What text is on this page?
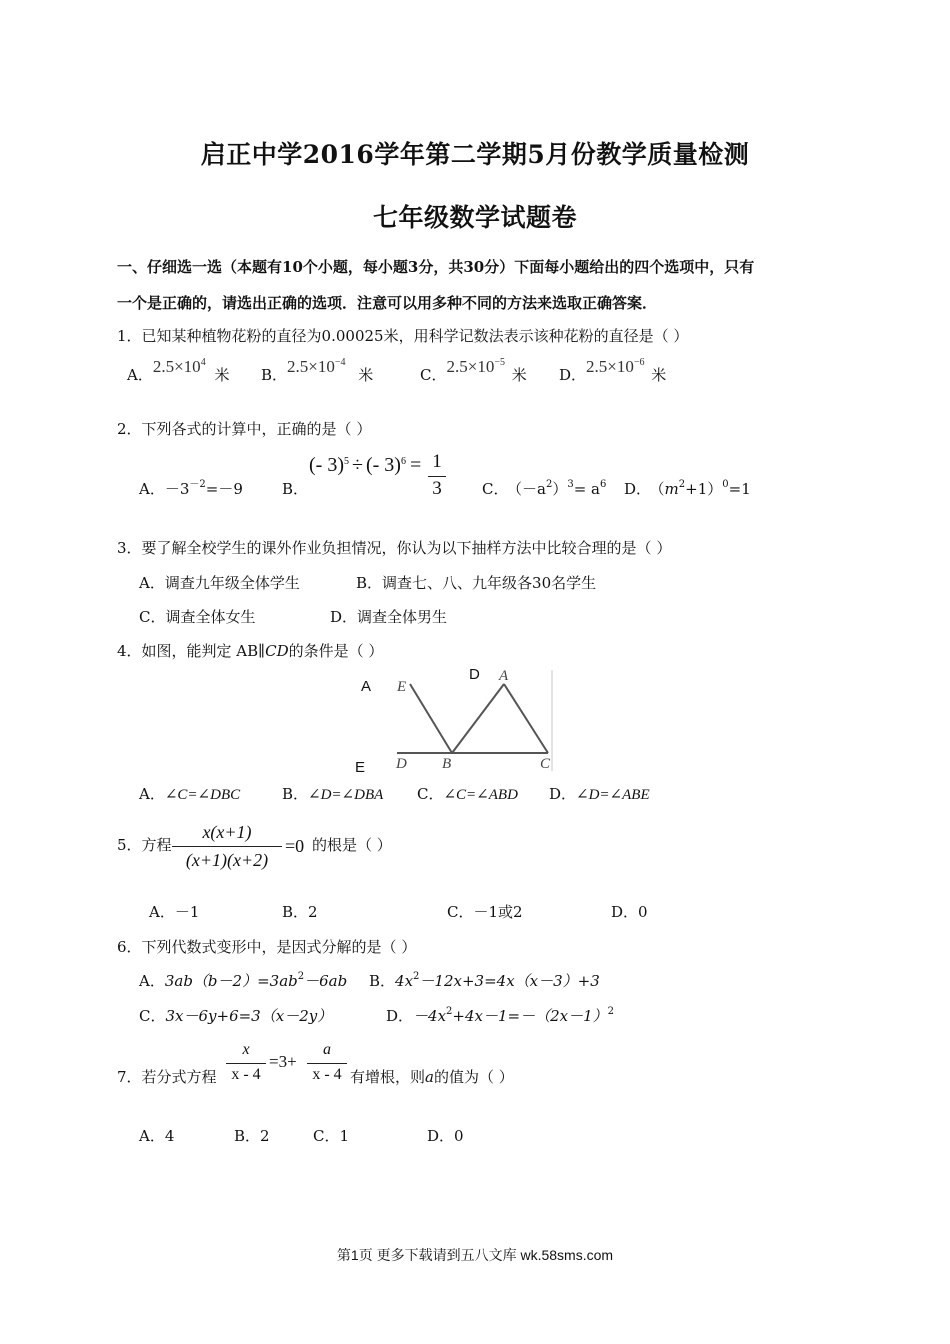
启正中学2016学年第二学期5月份教学质量检测
七年级数学试题卷
一、仔细选一选（本题有10个小题，每小题3分，共30分）下面每小题给出的四个选项中，只有
一个是正确的，请选出正确的选项．注意可以用多种不同的方法来选取正确答案．
1．已知某种植物花粉的直径为0.00025米，用科学记数法表示该种花粉的直径是（ ）
A．$2.5\times 10^4$ 米 B．$2.5\times 10^{-4}$ 米	C．$2.5\times 10^{-5}$ 米 D．$2.5\times 10^{-6}$ 米
2．下列各式的计算中，正确的是（ ）
A．$-3^{-2}=-9$	B．
(- 3)$^5$ ÷ (- 3)$^6$ = 1
3	C． $(-a^2)^3= a^6$ D． $(m^2+1)^0=1$
3．要了解全校学生的课外作业负担情况，你认为以下抽样方法中比较合理的是（ ）
A．调查九年级全体学生	B．调查七、八、九年级各30名学生
C．调查全体女生	D．调查全体男生
4．如图，能判定 AB∥CD的条件是（ ）
A
D
E
E
A
D B	C
A．∠C=∠DBC	B．∠D=∠DBA C．∠C=∠ABD D．∠D=∠ABE
5．方程
x(x+1)
(x+1)(x+2)
=0 的根是（ ）
A．－1	B．2	C．－1或2	D．0
6．下列代数式变形中，是因式分解的是（ ）
A．$3ab(b-2)=3ab^2-6ab$ B．$4x^2-12x+3=4x(x-3)+3$
C．3x－6y+6=3（x－2y）	D．$-4x^2+4x-1=-(2x-1)^2$
7．若分式方程
x
x - 4
=3+
a
x - 4 有增根，则a的值为（ ）
A．4	B．2	C．1	D．0
第1页 更多下载请到五八文库 wk.58sms.com
